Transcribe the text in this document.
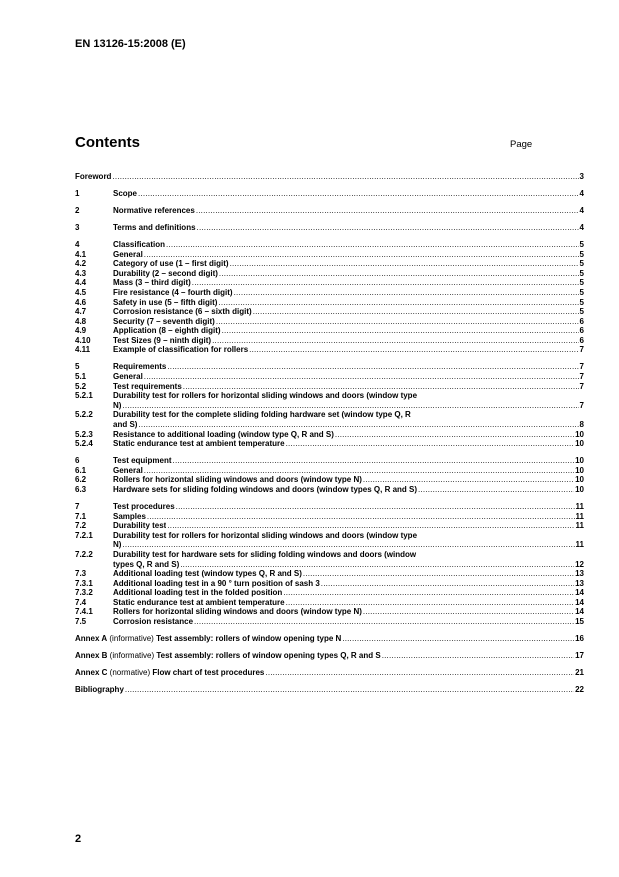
EN 13126-15:2008 (E)
Contents	Page
Foreword .....	3
1	Scope .....	4
2	Normative references .....	4
3	Terms and definitions .....	4
4	Classification .....	5
4.1	General .....	5
4.2	Category of use (1 – first digit) .....	5
4.3	Durability (2 – second digit) .....	5
4.4	Mass (3 – third digit) .....	5
4.5	Fire resistance (4 – fourth digit) .....	5
4.6	Safety in use (5 – fifth digit) .....	5
4.7	Corrosion resistance (6 – sixth digit) .....	5
4.8	Security (7 – seventh digit) .....	6
4.9	Application (8 – eighth digit) .....	6
4.10	Test Sizes (9 – ninth digit) .....	6
4.11	Example of classification for rollers .....	7
5	Requirements .....	7
5.1	General .....	7
5.2	Test requirements .....	7
5.2.1	Durability test for rollers for horizontal sliding windows and doors (window type
N) .....	7
5.2.2	Durability test for the complete sliding folding hardware set (window type Q, R
and S) .....	8
5.2.3	Resistance to additional loading (window type Q, R and S) .....	10
5.2.4	Static endurance test at ambient temperature .....	10
6	Test equipment .....	10
6.1	General .....	10
6.2	Rollers for horizontal sliding windows and doors (window type N) .....	10
6.3	Hardware sets for sliding folding windows and doors (window types Q, R and S) .....	10
7	Test procedures .....	11
7.1	Samples .....	11
7.2	Durability test .....	11
7.2.1	Durability test for rollers for horizontal sliding windows and doors (window type
N) .....	11
7.2.2	Durability test for hardware sets for sliding folding windows and doors (window
types Q, R and S) .....	12
7.3	Additional loading test (window types Q, R and S) .....	13
7.3.1	Additional loading test in a 90 ° turn position of sash 3 .....	13
7.3.2	Additional loading test in the folded position .....	14
7.4	Static endurance test at ambient temperature .....	14
7.4.1	Rollers for horizontal sliding windows and doors (window type N) .....	14
7.5	Corrosion resistance .....	15
Annex A (informative) Test assembly: rollers of window opening type N .....	16
Annex B (informative) Test assembly: rollers of window opening types Q, R and S .....	17
Annex C (normative) Flow chart of test procedures .....	21
Bibliography .....	22
2
